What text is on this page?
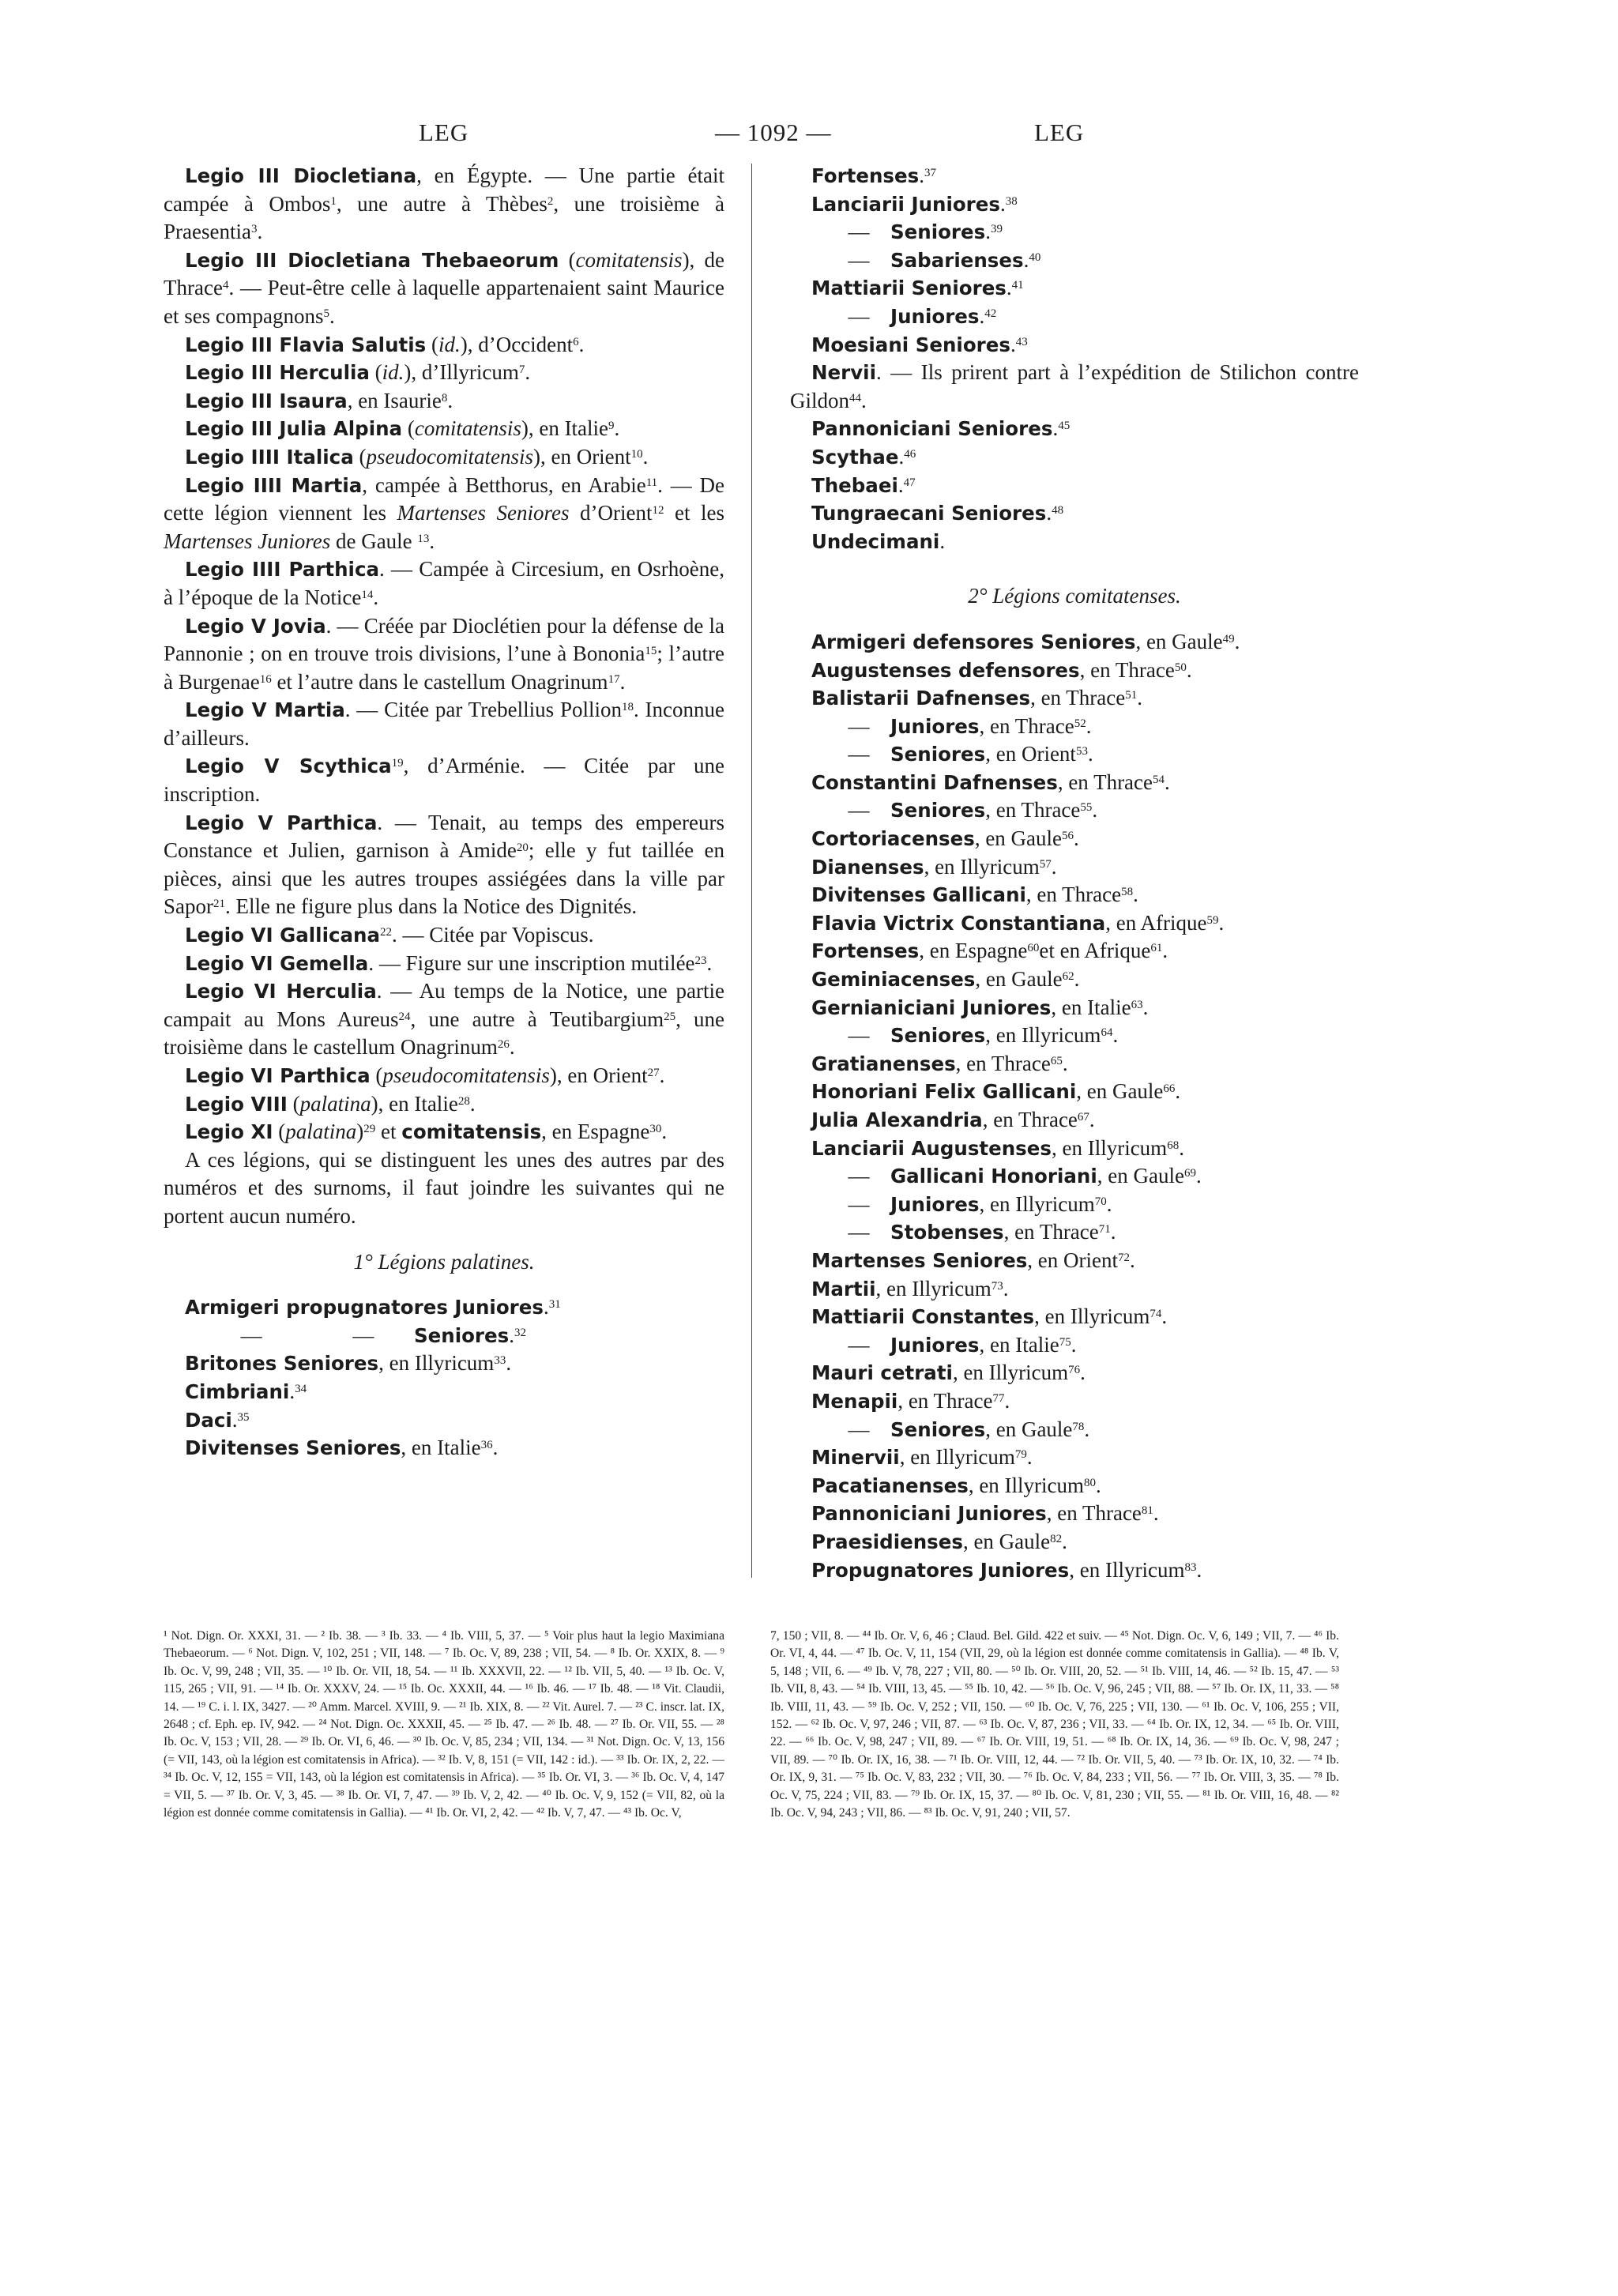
LEG	— 1092 —	LEG

 Legio III Diocletiana, en Égypte. — Une partie était campée à Ombos$^1$, une autre à Thèbes$^2$, une troisième à Praesentia$^3$.

 Legio III Diocletiana Thebaeorum (comitatensis), de Thrace$^4$. — Peut-être celle à laquelle appartenaient saint Maurice et ses compagnons$^5$.

 Legio III Flavia Salutis (id.), d’Occident$^6$.

 Legio III Herculia (id.), d’Illyricum$^7$.

 Legio III Isaura, en Isaurie$^8$.

 Legio III Julia Alpina (comitatensis), en Italie$^9$.

 Legio IIII Italica (pseudocomitatensis), en Orient$^{10}$.

 Legio IIII Martia, campée à Betthorus, en Arabie$^{11}$. — De cette légion viennent les Martenses Seniores d’Orient$^{12}$ et les Martenses Juniores de Gaule $^{13}$.

 Legio IIII Parthica. — Campée à Circesium, en Osrhoène, à l’époque de la Notice$^{14}$.

 Legio V Jovia. — Créée par Dioclétien pour la défense de la Pannonie ; on en trouve trois divisions, l’une à Bononia$^{15}$; l’autre à Burgenae$^{16}$ et l’autre dans le castellum Onagrinum$^{17}$.

 Legio V Martia. — Citée par Trebellius Pollion$^{18}$. Inconnue d’ailleurs.

 Legio V Scythica$^{19}$, d’Arménie. — Citée par une inscription.

 Legio V Parthica. — Tenait, au temps des empereurs Constance et Julien, garnison à Amide$^{20}$; elle y fut taillée en pièces, ainsi que les autres troupes assiégées dans la ville par Sapor$^{21}$. Elle ne figure plus dans la Notice des Dignités.

 Legio VI Gallicana$^{22}$. — Citée par Vopiscus.

 Legio VI Gemella. — Figure sur une inscription mutilée$^{23}$.

 Legio VI Herculia. — Au temps de la Notice, une partie campait au Mons Aureus$^{24}$, une autre à Teutibargium$^{25}$, une troisième dans le castellum Onagrinum$^{26}$.

 Legio VI Parthica (pseudocomitatensis), en Orient$^{27}$.

 Legio VIII (palatina), en Italie$^{28}$.

 Legio XI (palatina)$^{29}$ et comitatensis, en Espagne$^{30}$.

 A ces légions, qui se distinguent les unes des autres par des numéros et des surnoms, il faut joindre les suivantes qui ne portent aucun numéro.

1° Légions palatines.

 Armigeri propugnatores Juniores.$^{31}$

 —                 — Seniores.$^{32}$

 Britones Seniores, en Illyricum$^{33}$.

 Cimbriani.$^{34}$

 Daci.$^{35}$

 Divitenses Seniores, en Italie$^{36}$.

 Fortenses.$^{37}$

 Lanciarii Juniores.$^{38}$

 — Seniores.$^{39}$

 — Sabarienses.$^{40}$

 Mattiarii Seniores.$^{41}$

 — Juniores.$^{42}$

 Moesiani Seniores.$^{43}$

 Nervii. — Ils prirent part à l’expédition de Stilichon contre Gildon$^{44}$.

 Pannoniciani Seniores.$^{45}$

 Scythae.$^{46}$

 Thebaei.$^{47}$

 Tungraecani Seniores.$^{48}$

 Undecimani.

2° Légions comitatenses.

 Armigeri defensores Seniores, en Gaule$^{49}$.

 Augustenses defensores, en Thrace$^{50}$.

 Balistarii Dafnenses, en Thrace$^{51}$.

 — Juniores, en Thrace$^{52}$.

 — Seniores, en Orient$^{53}$.

 Constantini Dafnenses, en Thrace$^{54}$.

 — Seniores, en Thrace$^{55}$.

 Cortoriacenses, en Gaule$^{56}$.

 Dianenses, en Illyricum$^{57}$.

 Divitenses Gallicani, en Thrace$^{58}$.

 Flavia Victrix Constantiana, en Afrique$^{59}$.

 Fortenses, en Espagne$^{60}$et en Afrique$^{61}$.

 Geminiacenses, en Gaule$^{62}$.

 Gernianiciani Juniores, en Italie$^{63}$.

 — Seniores, en Illyricum$^{64}$.

 Gratianenses, en Thrace$^{65}$.

 Honoriani Felix Gallicani, en Gaule$^{66}$.

 Julia Alexandria, en Thrace$^{67}$.

 Lanciarii Augustenses, en Illyricum$^{68}$.

 — Gallicani Honoriani, en Gaule$^{69}$.

 — Juniores, en Illyricum$^{70}$.

 — Stobenses, en Thrace$^{71}$.

 Martenses Seniores, en Orient$^{72}$.

 Martii, en Illyricum$^{73}$.

 Mattiarii Constantes, en Illyricum$^{74}$.

 — Juniores, en Italie$^{75}$.

 Mauri cetrati, en Illyricum$^{76}$.

 Menapii, en Thrace$^{77}$.

 — Seniores, en Gaule$^{78}$.

 Minervii, en Illyricum$^{79}$.

 Pacatianenses, en Illyricum$^{80}$.

 Pannoniciani Juniores, en Thrace$^{81}$.

 Praesidienses, en Gaule$^{82}$.

 Propugnatores Juniores, en Illyricum$^{83}$.

¹ Not. Dign. Or. XXXI, 31. — ² Ib. 38. — ³ Ib. 33. — ⁴ Ib. VIII, 5, 37. — ⁵ Voir plus haut la legio Maximiana Thebaeorum. — ⁶ Not. Dign. V, 102, 251 ; VII, 148. — ⁷ Ib. Oc. V, 89, 238 ; VII, 54. — ⁸ Ib. Or. XXIX, 8. — ⁹ Ib. Oc. V, 99, 248 ; VII, 35. — ¹⁰ Ib. Or. VII, 18, 54. — ¹¹ Ib. XXXVII, 22. — ¹² Ib. VII, 5, 40. — ¹³ Ib. Oc. V, 115, 265 ; VII, 91. — ¹⁴ Ib. Or. XXXV, 24. — ¹⁵ Ib. Oc. XXXII, 44. — ¹⁶ Ib. 46. — ¹⁷ Ib. 48. — ¹⁸ Vit. Claudii, 14. — ¹⁹ C. i. l. IX, 3427. — ²⁰ Amm. Marcel. XVIII, 9. — ²¹ Ib. XIX, 8. — ²² Vit. Aurel. 7. — ²³ C. inscr. lat. IX, 2648 ; cf. Eph. ep. IV, 942. — ²⁴ Not. Dign. Oc. XXXII, 45. — ²⁵ Ib. 47. — ²⁶ Ib. 48. — ²⁷ Ib. Or. VII, 55. — ²⁸ Ib. Oc. V, 153 ; VII, 28. — ²⁹ Ib. Or. VI, 6, 46. — ³⁰ Ib. Oc. V, 85, 234 ; VII, 134. — ³¹ Not. Dign. Oc. V, 13, 156 (= VII, 143, où la légion est comitatensis in Africa). — ³² Ib. V, 8, 151 (= VII, 142 : id.). — ³³ Ib. Or. IX, 2, 22. — ³⁴ Ib. Oc. V, 12, 155 = VII, 143, où la légion est comitatensis in Africa). — ³⁵ Ib. Or. VI, 3. — ³⁶ Ib. Oc. V, 4, 147 = VII, 5. — ³⁷ Ib. Or. V, 3, 45. — ³⁸ Ib. Or. VI, 7, 47. — ³⁹ Ib. V, 2, 42. — ⁴⁰ Ib. Oc. V, 9, 152 (= VII, 82, où la légion est donnée comme comitatensis in Gallia). — ⁴¹ Ib. Or. VI, 2, 42. — ⁴² Ib. V, 7, 47. — ⁴³ Ib. Oc. V,
7, 150 ; VII, 8. — ⁴⁴ Ib. Or. V, 6, 46 ; Claud. Bel. Gild. 422 et suiv. — ⁴⁵ Not. Dign. Oc. V, 6, 149 ; VII, 7. — ⁴⁶ Ib. Or. VI, 4, 44. — ⁴⁷ Ib. Oc. V, 11, 154 (VII, 29, où la légion est donnée comme comitatensis in Gallia). — ⁴⁸ Ib. V, 5, 148 ; VII, 6. — ⁴⁹ Ib. V, 78, 227 ; VII, 80. — ⁵⁰ Ib. Or. VIII, 20, 52. — ⁵¹ Ib. VIII, 14, 46. — ⁵² Ib. 15, 47. — ⁵³ Ib. VII, 8, 43. — ⁵⁴ Ib. VIII, 13, 45. — ⁵⁵ Ib. 10, 42. — ⁵⁶ Ib. Oc. V, 96, 245 ; VII, 88. — ⁵⁷ Ib. Or. IX, 11, 33. — ⁵⁸ Ib. VIII, 11, 43. — ⁵⁹ Ib. Oc. V, 252 ; VII, 150. — ⁶⁰ Ib. Oc. V, 76, 225 ; VII, 130. — ⁶¹ Ib. Oc. V, 106, 255 ; VII, 152. — ⁶² Ib. Oc. V, 97, 246 ; VII, 87. — ⁶³ Ib. Oc. V, 87, 236 ; VII, 33. — ⁶⁴ Ib. Or. IX, 12, 34. — ⁶⁵ Ib. Or. VIII, 22. — ⁶⁶ Ib. Oc. V, 98, 247 ; VII, 89. — ⁶⁷ Ib. Or. VIII, 19, 51. — ⁶⁸ Ib. Or. IX, 14, 36. — ⁶⁹ Ib. Oc. V, 98, 247 ; VII, 89. — ⁷⁰ Ib. Or. IX, 16, 38. — ⁷¹ Ib. Or. VIII, 12, 44. — ⁷² Ib. Or. VII, 5, 40. — ⁷³ Ib. Or. IX, 10, 32. — ⁷⁴ Ib. Or. IX, 9, 31. — ⁷⁵ Ib. Oc. V, 83, 232 ; VII, 30. — ⁷⁶ Ib. Oc. V, 84, 233 ; VII, 56. — ⁷⁷ Ib. Or. VIII, 3, 35. — ⁷⁸ Ib. Oc. V, 75, 224 ; VII, 83. — ⁷⁹ Ib. Or. IX, 15, 37. — ⁸⁰ Ib. Oc. V, 81, 230 ; VII, 55. — ⁸¹ Ib. Or. VIII, 16, 48. — ⁸² Ib. Oc. V, 94, 243 ; VII, 86. — ⁸³ Ib. Oc. V, 91, 240 ; VII, 57.
